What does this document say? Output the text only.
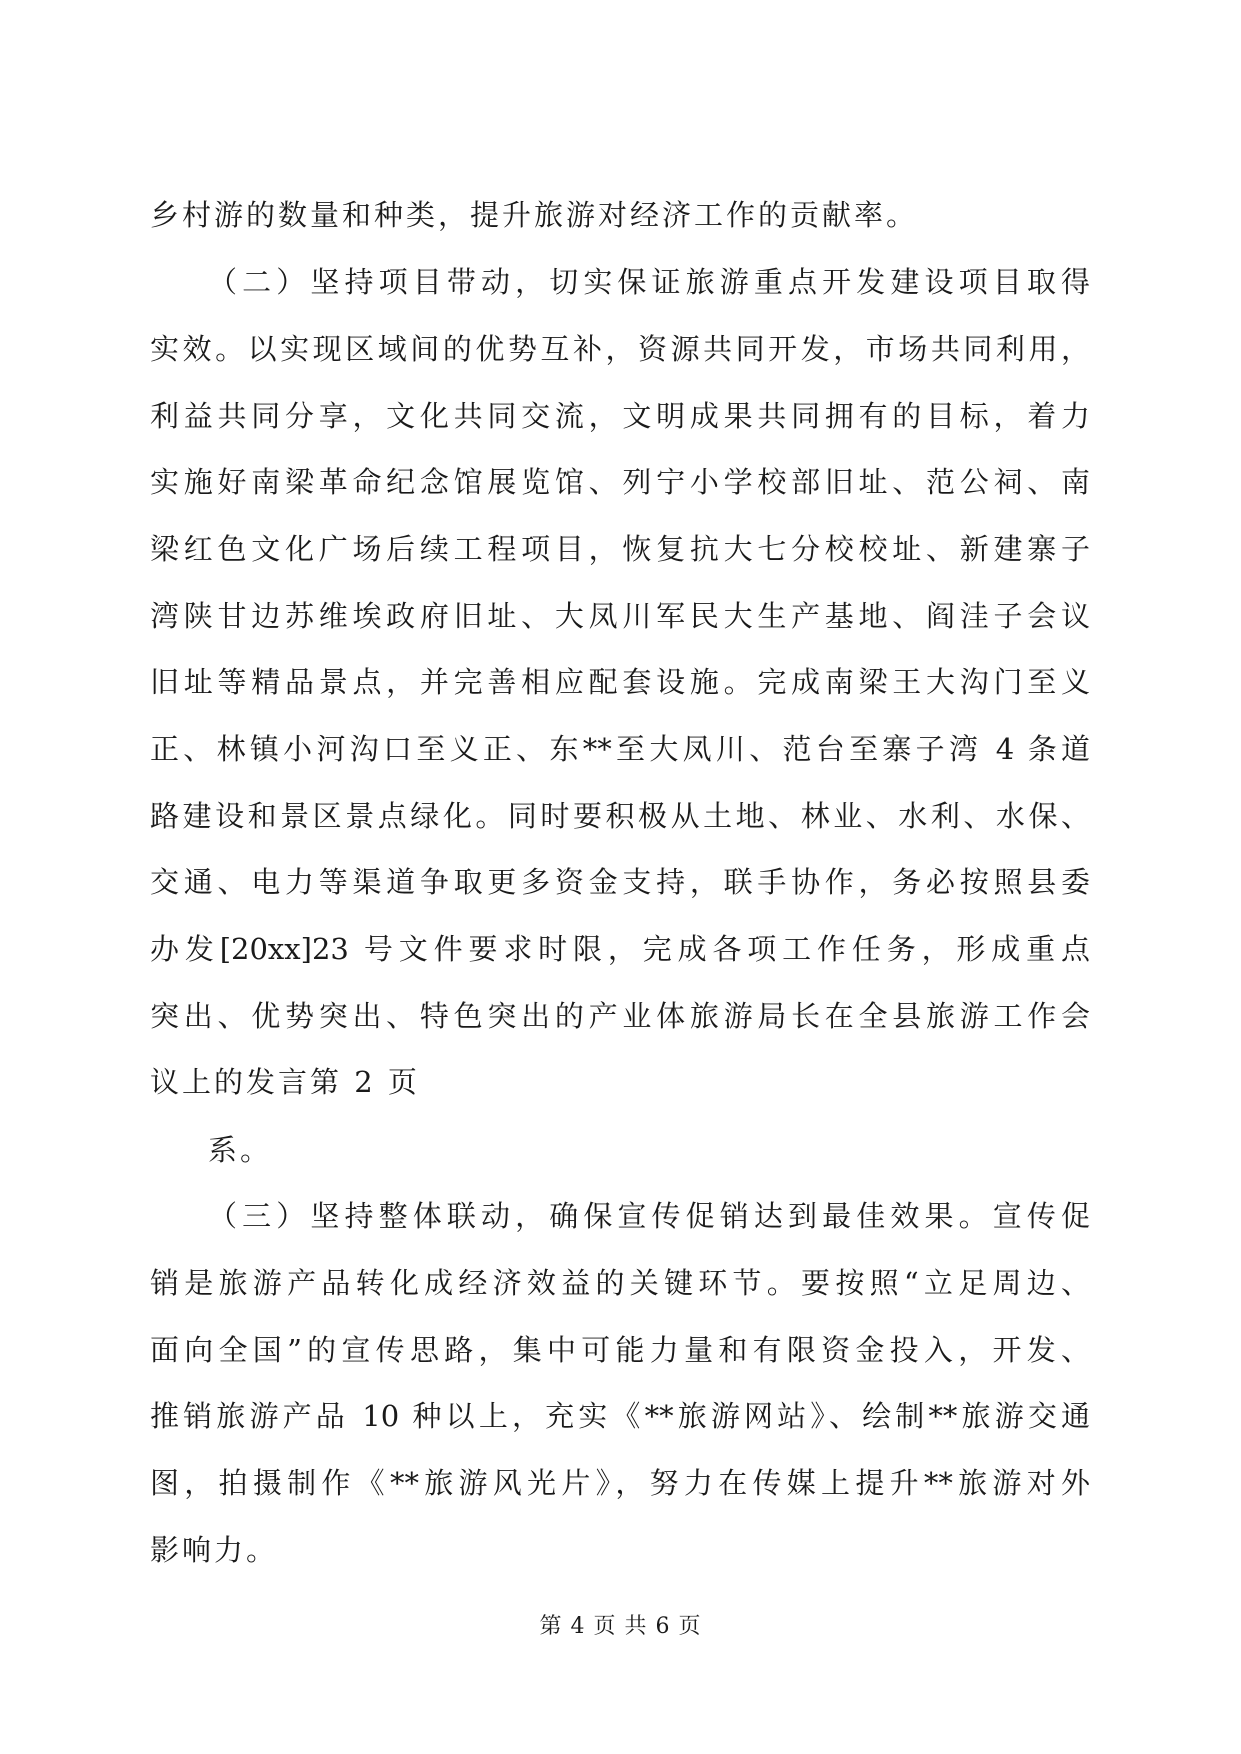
乡村游的数量和种类，提升旅游对经济工作的贡献率。
（二）坚持项目带动，切实保证旅游重点开发建设项目取得
实效。以实现区域间的优势互补，资源共同开发，市场共同利用，
利益共同分享，文化共同交流，文明成果共同拥有的目标，着力
实施好南梁革命纪念馆展览馆、列宁小学校部旧址、范公祠、南
梁红色文化广场后续工程项目，恢复抗大七分校校址、新建寨子
湾陕甘边苏维埃政府旧址、大凤川军民大生产基地、阎洼子会议
旧址等精品景点，并完善相应配套设施。完成南梁王大沟门至义
正、林镇小河沟口至义正、东**至大凤川、范台至寨子湾 4 条道
路建设和景区景点绿化。同时要积极从土地、林业、水利、水保、
交通、电力等渠道争取更多资金支持，联手协作，务必按照县委
办发[20xx]23 号文件要求时限，完成各项工作任务，形成重点
突出、优势突出、特色突出的产业体旅游局长在全县旅游工作会
议上的发言第 2 页
系。
（三）坚持整体联动，确保宣传促销达到最佳效果。宣传促
销是旅游产品转化成经济效益的关键环节。要按照“立足周边、
面向全国”的宣传思路，集中可能力量和有限资金投入，开发、
推销旅游产品 10 种以上，充实《**旅游网站》、绘制**旅游交通
图，拍摄制作《**旅游风光片》，努力在传媒上提升**旅游对外
影响力。
第 4 页 共 6 页
